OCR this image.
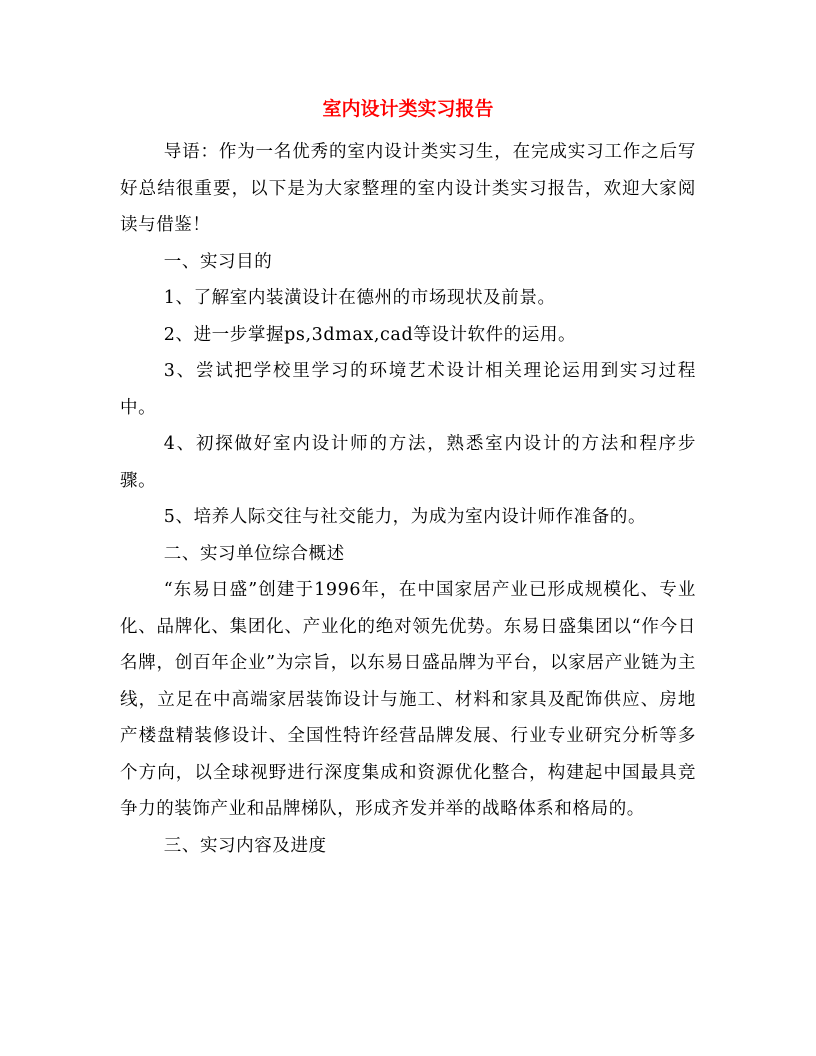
室内设计类实习报告

导语：作为一名优秀的室内设计类实习生，在完成实习工作之后写好总结很重要，以下是为大家整理的室内设计类实习报告，欢迎大家阅读与借鉴！

一、实习目的

1、了解室内装潢设计在德州的市场现状及前景。

2、进一步掌握ps,3dmax,cad等设计软件的运用。

3、尝试把学校里学习的环境艺术设计相关理论运用到实习过程中。

4、初探做好室内设计师的方法，熟悉室内设计的方法和程序步骤。

5、培养人际交往与社交能力，为成为室内设计师作准备的。

二、实习单位综合概述

“东易日盛”创建于1996年，在中国家居产业已形成规模化、专业化、品牌化、集团化、产业化的绝对领先优势。东易日盛集团以“作今日名牌，创百年企业”为宗旨，以东易日盛品牌为平台，以家居产业链为主线，立足在中高端家居装饰设计与施工、材料和家具及配饰供应、房地产楼盘精装修设计、全国性特许经营品牌发展、行业专业研究分析等多个方向，以全球视野进行深度集成和资源优化整合，构建起中国最具竞争力的装饰产业和品牌梯队，形成齐发并举的战略体系和格局的。

三、实习内容及进度
